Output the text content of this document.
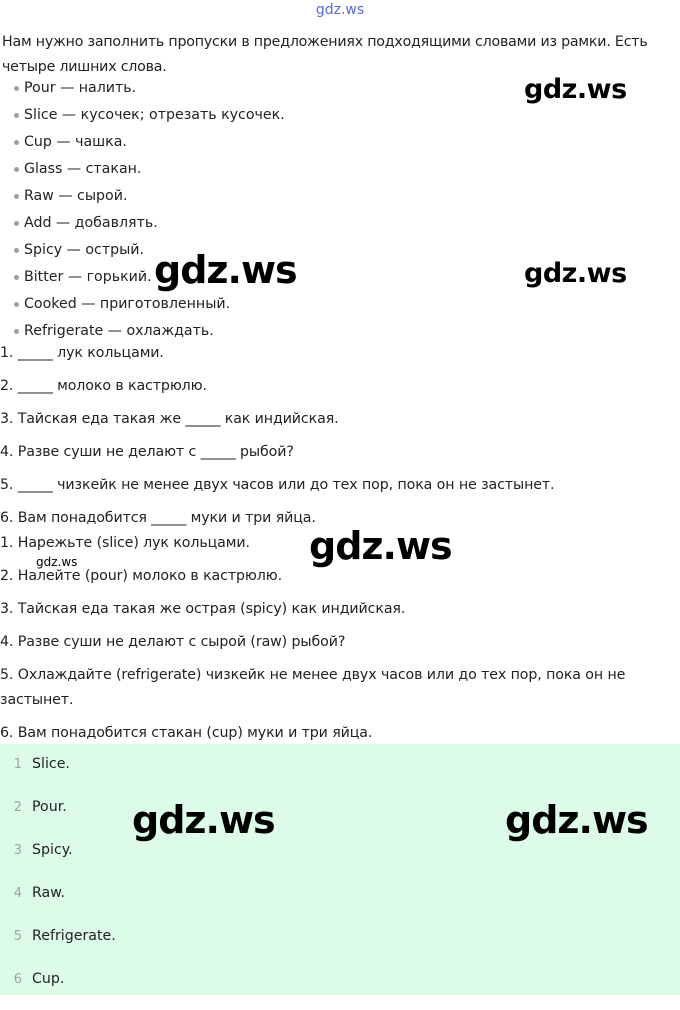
gdz.ws
Нам нужно заполнить пропуски в предложениях подходящими словами из рамки. Есть четыре лишних слова.
Pour — налить.
Slice — кусочек; отрезать кусочек.
Cup — чашка.
Glass — стакан.
Raw — сырой.
Add — добавлять.
Spicy — острый.
Bitter — горький.
Cooked — приготовленный.
Refrigerate — охлаждать.
1. _____ лук кольцами.
2. _____ молоко в кастрюлю.
3. Тайская еда такая же _____ как индийская.
4. Разве суши не делают с _____ рыбой?
5. _____ чизкейк не менее двух часов или до тех пор, пока он не застынет.
6. Вам понадобится _____ муки и три яйца.
1. Нарежьте (slice) лук кольцами.
2. Налейте (pour) молоко в кастрюлю.
3. Тайская еда такая же острая (spicy) как индийская.
4. Разве суши не делают с сырой (raw) рыбой?
5. Охлаждайте (refrigerate) чизкейк не менее двух часов или до тех пор, пока он не застынет.
6. Вам понадобится стакан (cup) муки и три яйца.
1 Slice.
2 Pour.
3 Spicy.
4 Raw.
5 Refrigerate.
6 Cup.
gdz.ws
gdz.ws	gdz.ws
gdz.ws
gdz.ws
gdz.ws	gdz.ws
